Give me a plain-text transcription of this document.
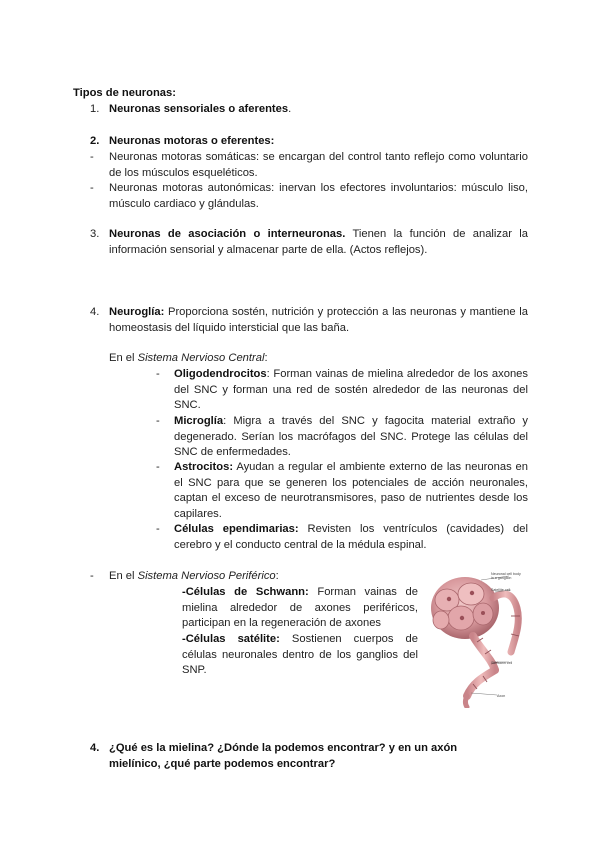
Tipos de neuronas:
1. Neuronas sensoriales o aferentes.
2. Neuronas motoras o eferentes:
- Neuronas motoras somáticas: se encargan del control tanto reflejo como voluntario de los músculos esqueléticos.
- Neuronas motoras autonómicas: inervan los efectores involuntarios: músculo liso, músculo cardiaco y glándulas.
3. Neuronas de asociación o interneuronas. Tienen la función de analizar la información sensorial y almacenar parte de ella. (Actos reflejos).
4. Neuroglía: Proporciona sostén, nutrición y protección a las neuronas y mantiene la homeostasis del líquido intersticial que las baña.
En el Sistema Nervioso Central:
- Oligodendrocitos: Forman vainas de mielina alrededor de los axones del SNC y forman una red de sostén alrededor de las neuronas del SNC.
- Microglía: Migra a través del SNC y fagocita material extraño y degenerado. Serían los macrófagos del SNC. Protege las células del SNC de enfermedades.
- Astrocitos: Ayudan a regular el ambiente externo de las neuronas en el SNC para que se generen los potenciales de acción neuronales, captan el exceso de neurotransmisores, paso de nutrientes desde los capilares.
- Células ependimarias: Revisten los ventrículos (cavidades) del cerebro y el conducto central de la médula espinal.
- En el Sistema Nervioso Periférico:
-Células de Schwann: Forman vainas de mielina alrededor de axones periféricos, participan en la regeneración de axones
-Células satélite: Sostienen cuerpos de células neuronales dentro de los ganglios del SNP.
Neuronal cell body
in a ganglion
Satellite cell
Schwann cell
Axon
4. ¿Qué es la mielina? ¿Dónde la podemos encontrar? y en un axón
mielínico, ¿qué parte podemos encontrar?
